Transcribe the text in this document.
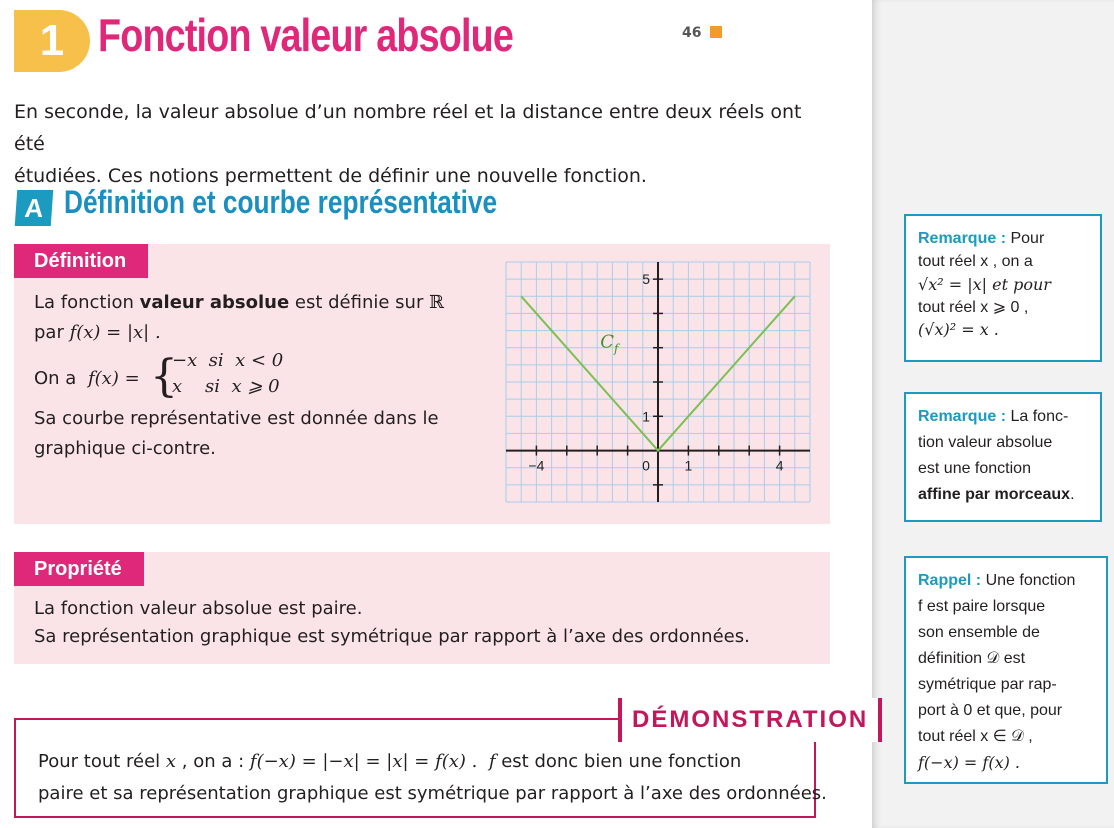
1 Fonction valeur absolue	46
En seconde, la valeur absolue d’un nombre réel et la distance entre deux réels ont été
étudiées. Ces notions permettent de définir une nouvelle fonction.
A Définition et courbe représentative
Définition
La fonction valeur absolue est définie sur ℝ
par f(x) = |x| .
On a f(x) = {
−x  si  x < 0
x    si  x ⩾ 0
Sa courbe représentative est donnée dans le
graphique ci-contre.
−4	0 1	4
1
5
$C_f$
Propriété
La fonction valeur absolue est paire.
Sa représentation graphique est symétrique par rapport à l’axe des ordonnées.
DÉMONSTRATION
Pour tout réel x , on a : f(−x) = |−x| = |x| = f(x) . f est donc bien une fonction
paire et sa représentation graphique est symétrique par rapport à l’axe des ordonnées.
Remarque : Pour
tout réel x , on a
√x² = |x| et pour
tout réel x ⩾ 0 ,
(√x)² = x .
Remarque : La fonc-
tion valeur absolue
est une fonction
affine par morceaux.
Rappel : Une fonction
f est paire lorsque
son ensemble de
définition 𝒟 est
symétrique par rap-
port à 0 et que, pour
tout réel x ∈ 𝒟 ,
f(−x) = f(x) .
